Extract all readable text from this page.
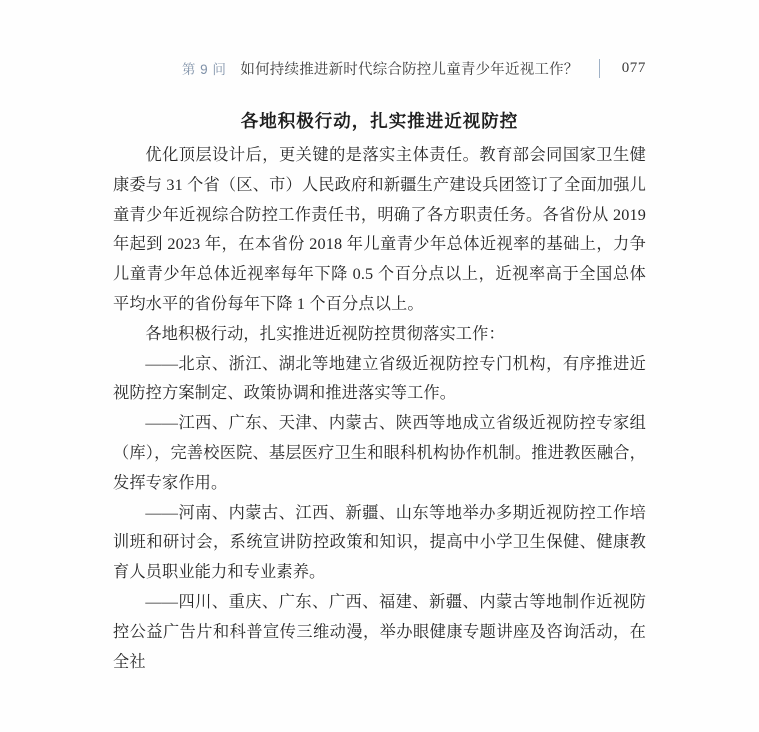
第 9 问 如何持续推进新时代综合防控儿童青少年近视工作？	077
各地积极行动，扎实推进近视防控

优化顶层设计后，更关键的是落实主体责任。教育部会同国家卫生健康委与 31 个省（区、市）人民政府和新疆生产建设兵团签订了全面加强儿童青少年近视综合防控工作责任书，明确了各方职责任务。各省份从 2019 年起到 2023 年，在本省份 2018 年儿童青少年总体近视率的基础上，力争儿童青少年总体近视率每年下降 0.5 个百分点以上，近视率高于全国总体平均水平的省份每年下降 1 个百分点以上。

各地积极行动，扎实推进近视防控贯彻落实工作：

——北京、浙江、湖北等地建立省级近视防控专门机构，有序推进近视防控方案制定、政策协调和推进落实等工作。

——江西、广东、天津、内蒙古、陕西等地成立省级近视防控专家组（库），完善校医院、基层医疗卫生和眼科机构协作机制。推进教医融合，发挥专家作用。

——河南、内蒙古、江西、新疆、山东等地举办多期近视防控工作培训班和研讨会，系统宣讲防控政策和知识，提高中小学卫生保健、健康教育人员职业能力和专业素养。

——四川、重庆、广东、广西、福建、新疆、内蒙古等地制作近视防控公益广告片和科普宣传三维动漫，举办眼健康专题讲座及咨询活动，在全社
